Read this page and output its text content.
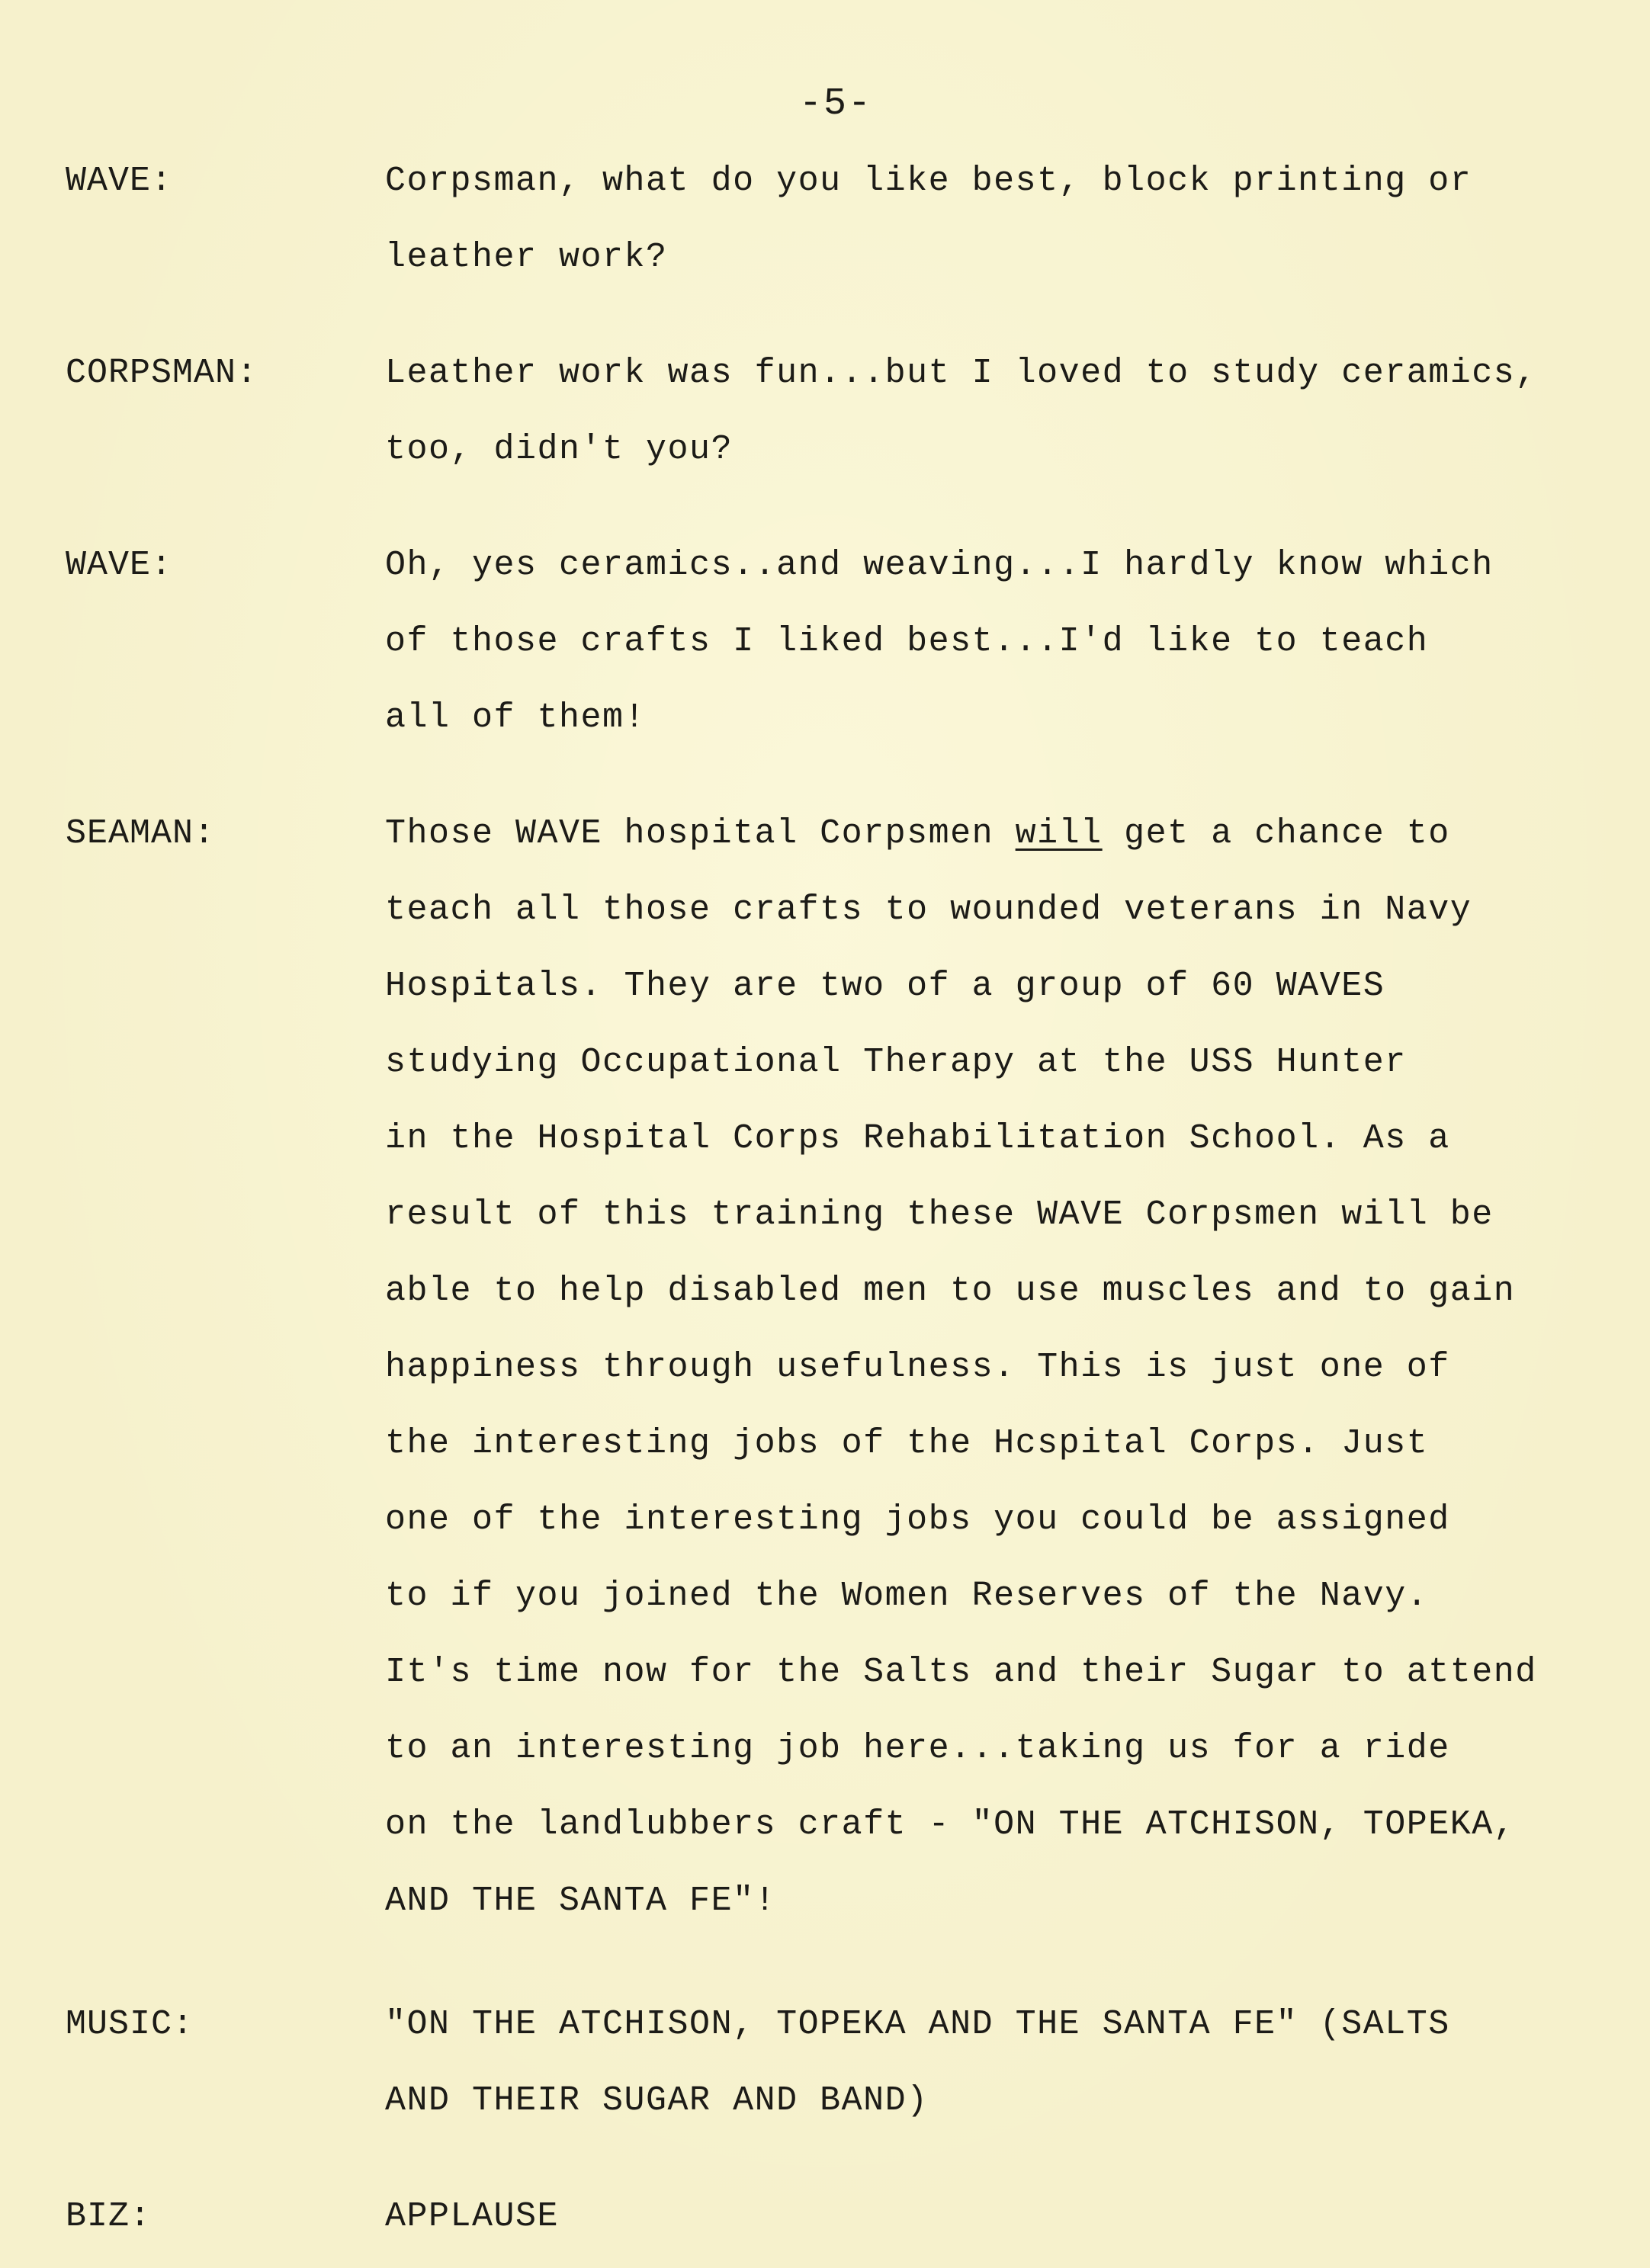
-5-
WAVE:	Corpsman, what do you like best, block printing or
leather work?
CORPSMAN:	Leather work was fun...but I loved to study ceramics,
too, didn't you?
WAVE:	Oh, yes ceramics..and weaving...I hardly know which
of those crafts I liked best...I'd like to teach
all of them!
SEAMAN:	Those WAVE hospital Corpsmen will get a chance to
teach all those crafts to wounded veterans in Navy
Hospitals. They are two of a group of 60 WAVES
studying Occupational Therapy at the USS Hunter
in the Hospital Corps Rehabilitation School. As a
result of this training these WAVE Corpsmen will be
able to help disabled men to use muscles and to gain
happiness through usefulness. This is just one of
the interesting jobs of the Hcspital Corps. Just
one of the interesting jobs you could be assigned
to if you joined the Women Reserves of the Navy.
It's time now for the Salts and their Sugar to attend
to an interesting job here...taking us for a ride
on the landlubbers craft - "ON THE ATCHISON, TOPEKA,
AND THE SANTA FE"!
MUSIC:	"ON THE ATCHISON, TOPEKA AND THE SANTA FE" (SALTS
AND THEIR SUGAR AND BAND)
BIZ:	APPLAUSE
